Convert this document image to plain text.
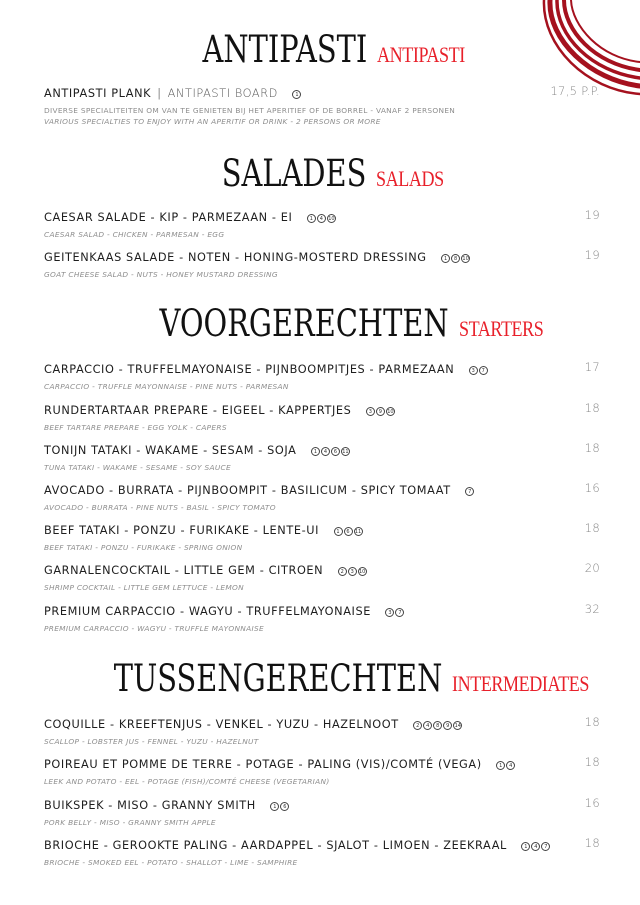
ANTIPASTI ANTIPASTI
ANTIPASTI PLANK | ANTIPASTI BOARD	1	17,5 P.P.
DIVERSE SPECIALITEITEN OM VAN TE GENIETEN BIJ HET APERITIEF OF DE BORREL - VANAF 2 PERSONEN
VARIOUS SPECIALTIES TO ENJOY WITH AN APERITIF OR DRINK - 2 PERSONS OR MORE
SALADES SALADS
CAESAR SALADE - KIP - PARMEZAAN - EI	1	4	10	19
CAESAR SALAD - CHICKEN - PARMESAN - EGG
GEITENKAAS SALADE - NOTEN - HONING-MOSTERD DRESSING	1	8	10	19
GOAT CHEESE SALAD - NUTS - HONEY MUSTARD DRESSING
VOORGERECHTEN STARTERS
CARPACCIO - TRUFFELMAYONAISE - PIJNBOOMPITJES - PARMEZAAN	3	7	17
CARPACCIO - TRUFFLE MAYONNAISE - PINE NUTS - PARMESAN
RUNDERTARTAAR PREPARE - EIGEEL - KAPPERTJES	3	9	10	18
BEEF TARTARE PREPARE - EGG YOLK - CAPERS
TONIJN TATAKI - WAKAME - SESAM - SOJA	1	4	6	11	18
TUNA TATAKI - WAKAME - SESAME - SOY SAUCE
AVOCADO - BURRATA - PIJNBOOMPIT - BASILICUM - SPICY TOMAAT	7	16
AVOCADO - BURRATA - PINE NUTS - BASIL - SPICY TOMATO
BEEF TATAKI - PONZU - FURIKAKE - LENTE-UI	1	6	11	18
BEEF TATAKI - PONZU - FURIKAKE - SPRING ONION
GARNALENCOCKTAIL - LITTLE GEM - CITROEN	2	3	10	20
SHRIMP COCKTAIL - LITTLE GEM LETTUCE - LEMON
PREMIUM CARPACCIO - WAGYU - TRUFFELMAYONAISE	3	7	32
PREMIUM CARPACCIO - WAGYU - TRUFFLE MAYONNAISE
TUSSENGERECHTEN INTERMEDIATES
COQUILLE - KREEFTENJUS - VENKEL - YUZU - HAZELNOOT	2	4	8	9	14	18
SCALLOP - LOBSTER JUS - FENNEL - YUZU - HAZELNUT
POIREAU ET POMME DE TERRE - POTAGE - PALING (VIS)/COMTÉ (VEGA)	1	4	18
LEEK AND POTATO - EEL - POTAGE (FISH)/COMTÉ CHEESE (VEGETARIAN)
BUIKSPEK - MISO - GRANNY SMITH	1	6	16
PORK BELLY - MISO - GRANNY SMITH APPLE
BRIOCHE - GEROOKTE PALING - AARDAPPEL - SJALOT - LIMOEN - ZEEKRAAL	1	4	7	18
BRIOCHE - SMOKED EEL - POTATO - SHALLOT - LIME - SAMPHIRE
